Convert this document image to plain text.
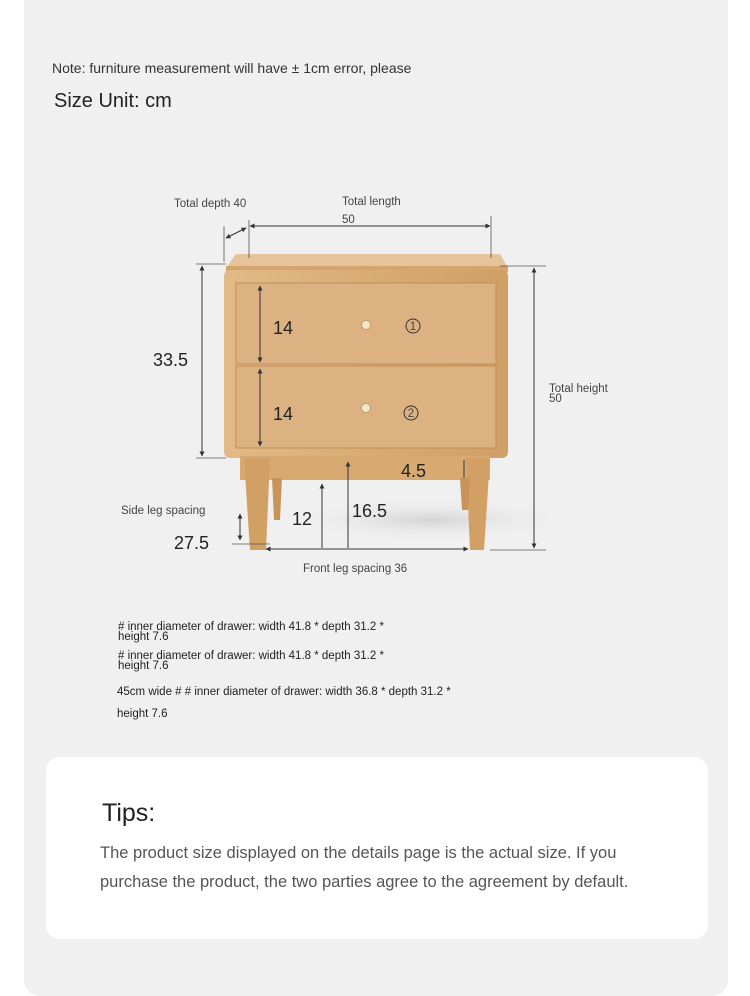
Note: furniture measurement will have ± 1cm error, please
Size Unit: cm
1
2
Total length
50
Total depth 40
33.5
14
14
Total height
50
4.5
12 16.5
Side leg spacing
27.5
Front leg spacing 36
# inner diameter of drawer: width 41.8 * depth 31.2 *
height 7.6
# inner diameter of drawer: width 41.8 * depth 31.2 *
height 7.6
45cm wide # # inner diameter of drawer: width 36.8 * depth 31.2 *
height 7.6
Tips:
The product size displayed on the details page is the actual size. If you purchase the product, the two parties agree to the agreement by default.
